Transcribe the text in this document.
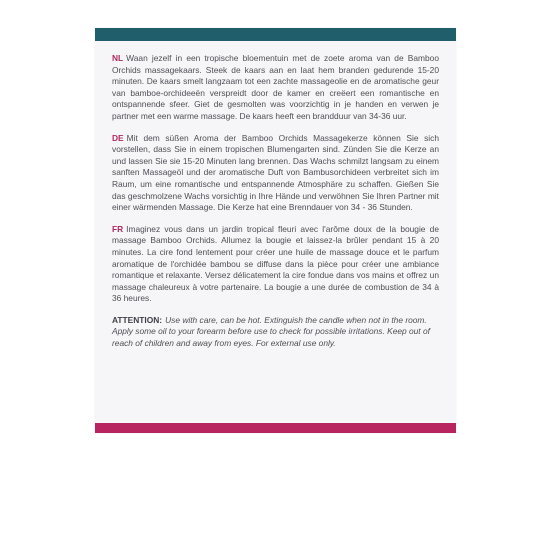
NL Waan jezelf in een tropische bloementuin met de zoete aroma van de Bamboo Orchids massagekaars. Steek de kaars aan en laat hem branden gedurende 15-20 minuten. De kaars smelt langzaam tot een zachte massageolie en de aromatische geur van bamboe-orchideeën verspreidt door de kamer en creëert een romantische en ontspannende sfeer. Giet de gesmolten was voorzichtig in je handen en verwen je partner met een warme massage. De kaars heeft een brandduur van 34-36 uur.

DE Mit dem süßen Aroma der Bamboo Orchids Massagekerze können Sie sich vorstellen, dass Sie in einem tropischen Blumengarten sind. Zünden Sie die Kerze an und lassen Sie sie 15-20 Minuten lang brennen. Das Wachs schmilzt langsam zu einem sanften Massageöl und der aromatische Duft von Bambusorchideen verbreitet sich im Raum, um eine romantische und entspannende Atmosphäre zu schaffen. Gießen Sie das geschmolzene Wachs vorsichtig in Ihre Hände und verwöhnen Sie Ihren Partner mit einer wärmenden Massage. Die Kerze hat eine Brenndauer von 34 - 36 Stunden.

FR Imaginez vous dans un jardin tropical fleuri avec l'arôme doux de la bougie de massage Bamboo Orchids. Allumez la bougie et laissez-la brûler pendant 15 à 20 minutes. La cire fond lentement pour créer une huile de massage douce et le parfum aromatique de l'orchidée bambou se diffuse dans la pièce pour créer une ambiance romantique et relaxante. Versez délicatement la cire fondue dans vos mains et offrez un massage chaleureux à votre partenaire. La bougie a une durée de combustion de 34 à 36 heures.

ATTENTION: Use with care, can be hot. Extinguish the candle when not in the room. Apply some oil to your forearm before use to check for possible irritations. Keep out of reach of children and away from eyes. For external use only.
